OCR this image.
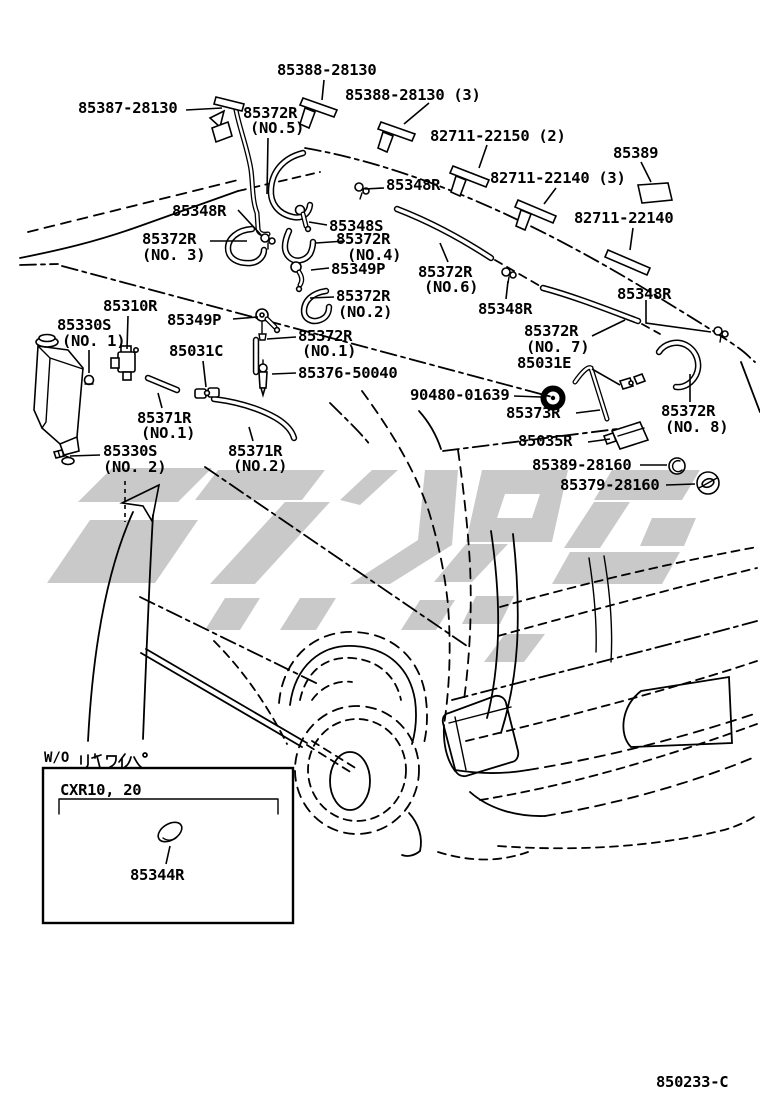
85388-28130
85388-28130 (3)
85387-28130	85372R
(NO.5)	82711-22150 (2)
85389
82711-22140 (3)
85348R
82711-22140
85348R
85348S
85372R
(NO. 3)
85372R
(NO.4)
85349P 85372R
(NO.6)	85348R
85372R
(NO.2)
85310R
85349P
85348R
85330S
(NO. 1)	85372R
(NO.1)
85372R
(NO. 7)
85031C
85031E
85376-50040
90480-01639
85373R	85372R
(NO. 8)
85371R
(NO.1)	85035R
85371R
(NO.2)
85330S
(NO. 2)	85389-28160
85379-28160
W/O
CXR10, 20
85344R
850233-C
